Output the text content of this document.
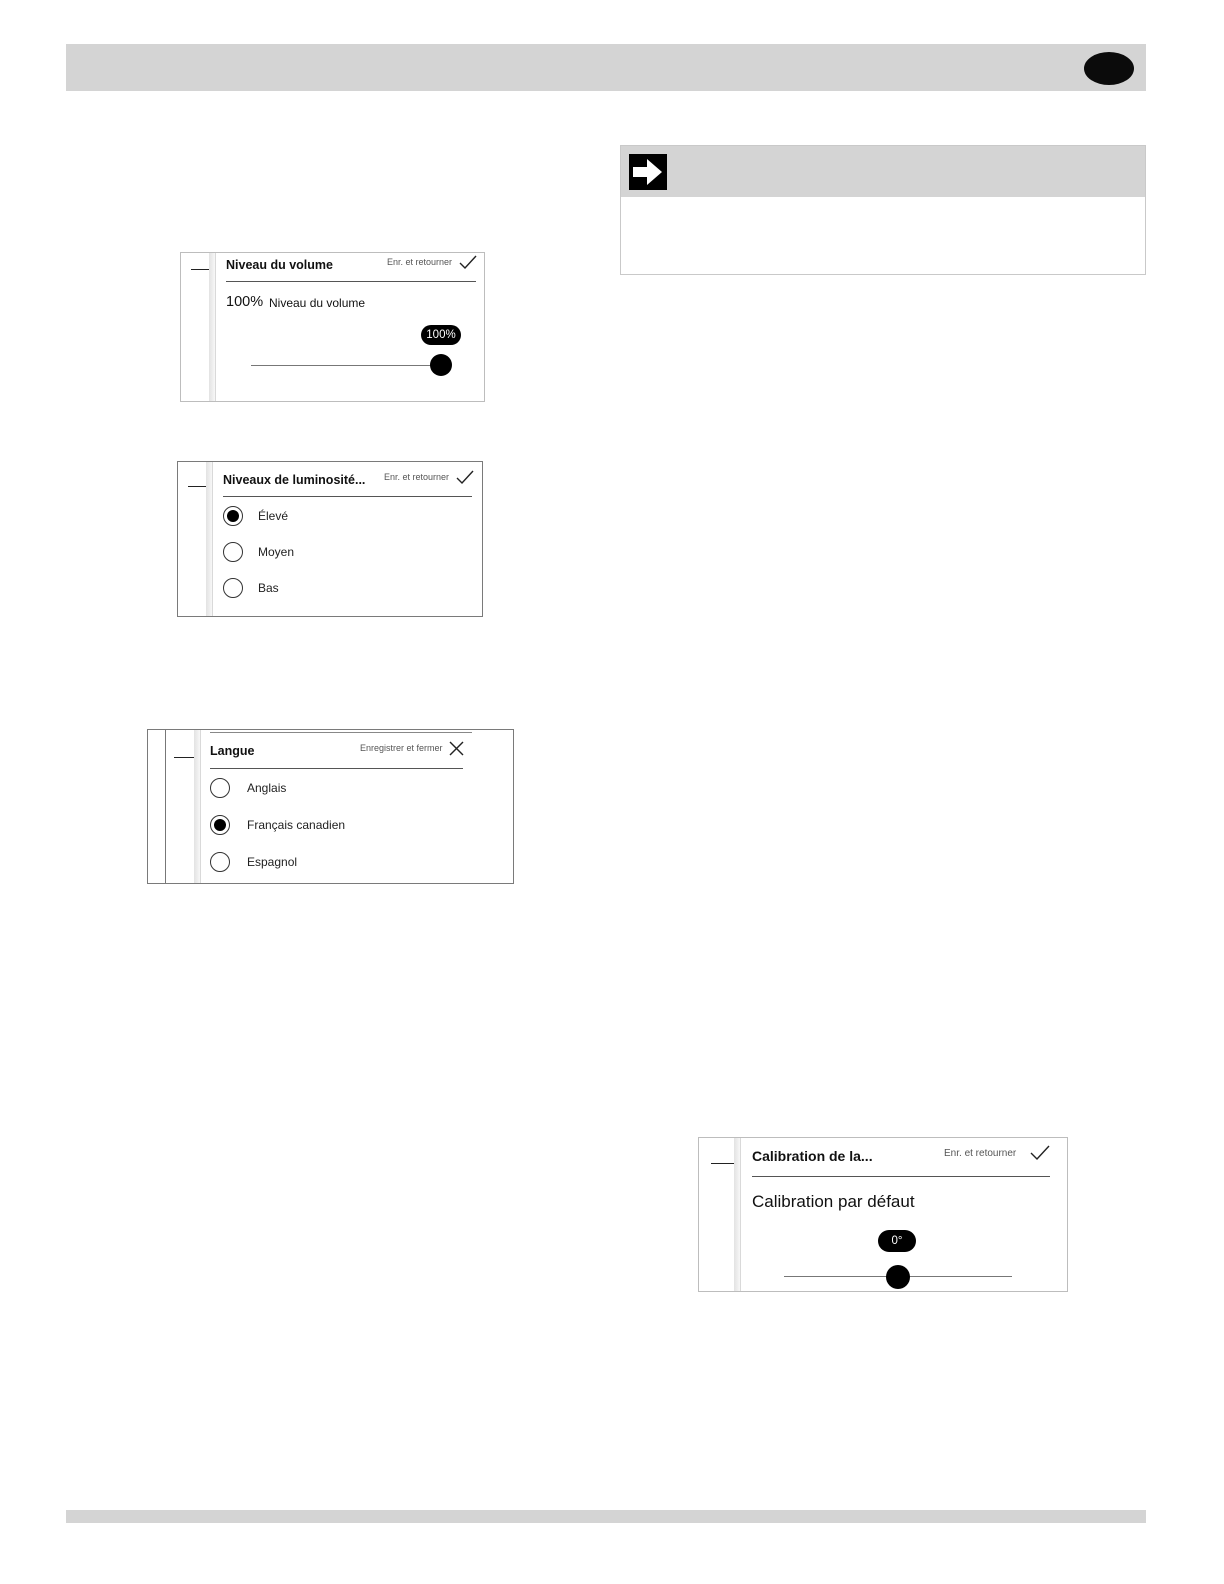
Niveau du volume	Enr. et retourner
100% Niveau du volume
100%
Niveaux de luminosité... Enr. et retourner
Élevé
Moyen
Bas
Langue	Enregistrer et fermer
Anglais
Français canadien
Espagnol
Calibration de la...	Enr. et retourner
Calibration par défaut
0°
